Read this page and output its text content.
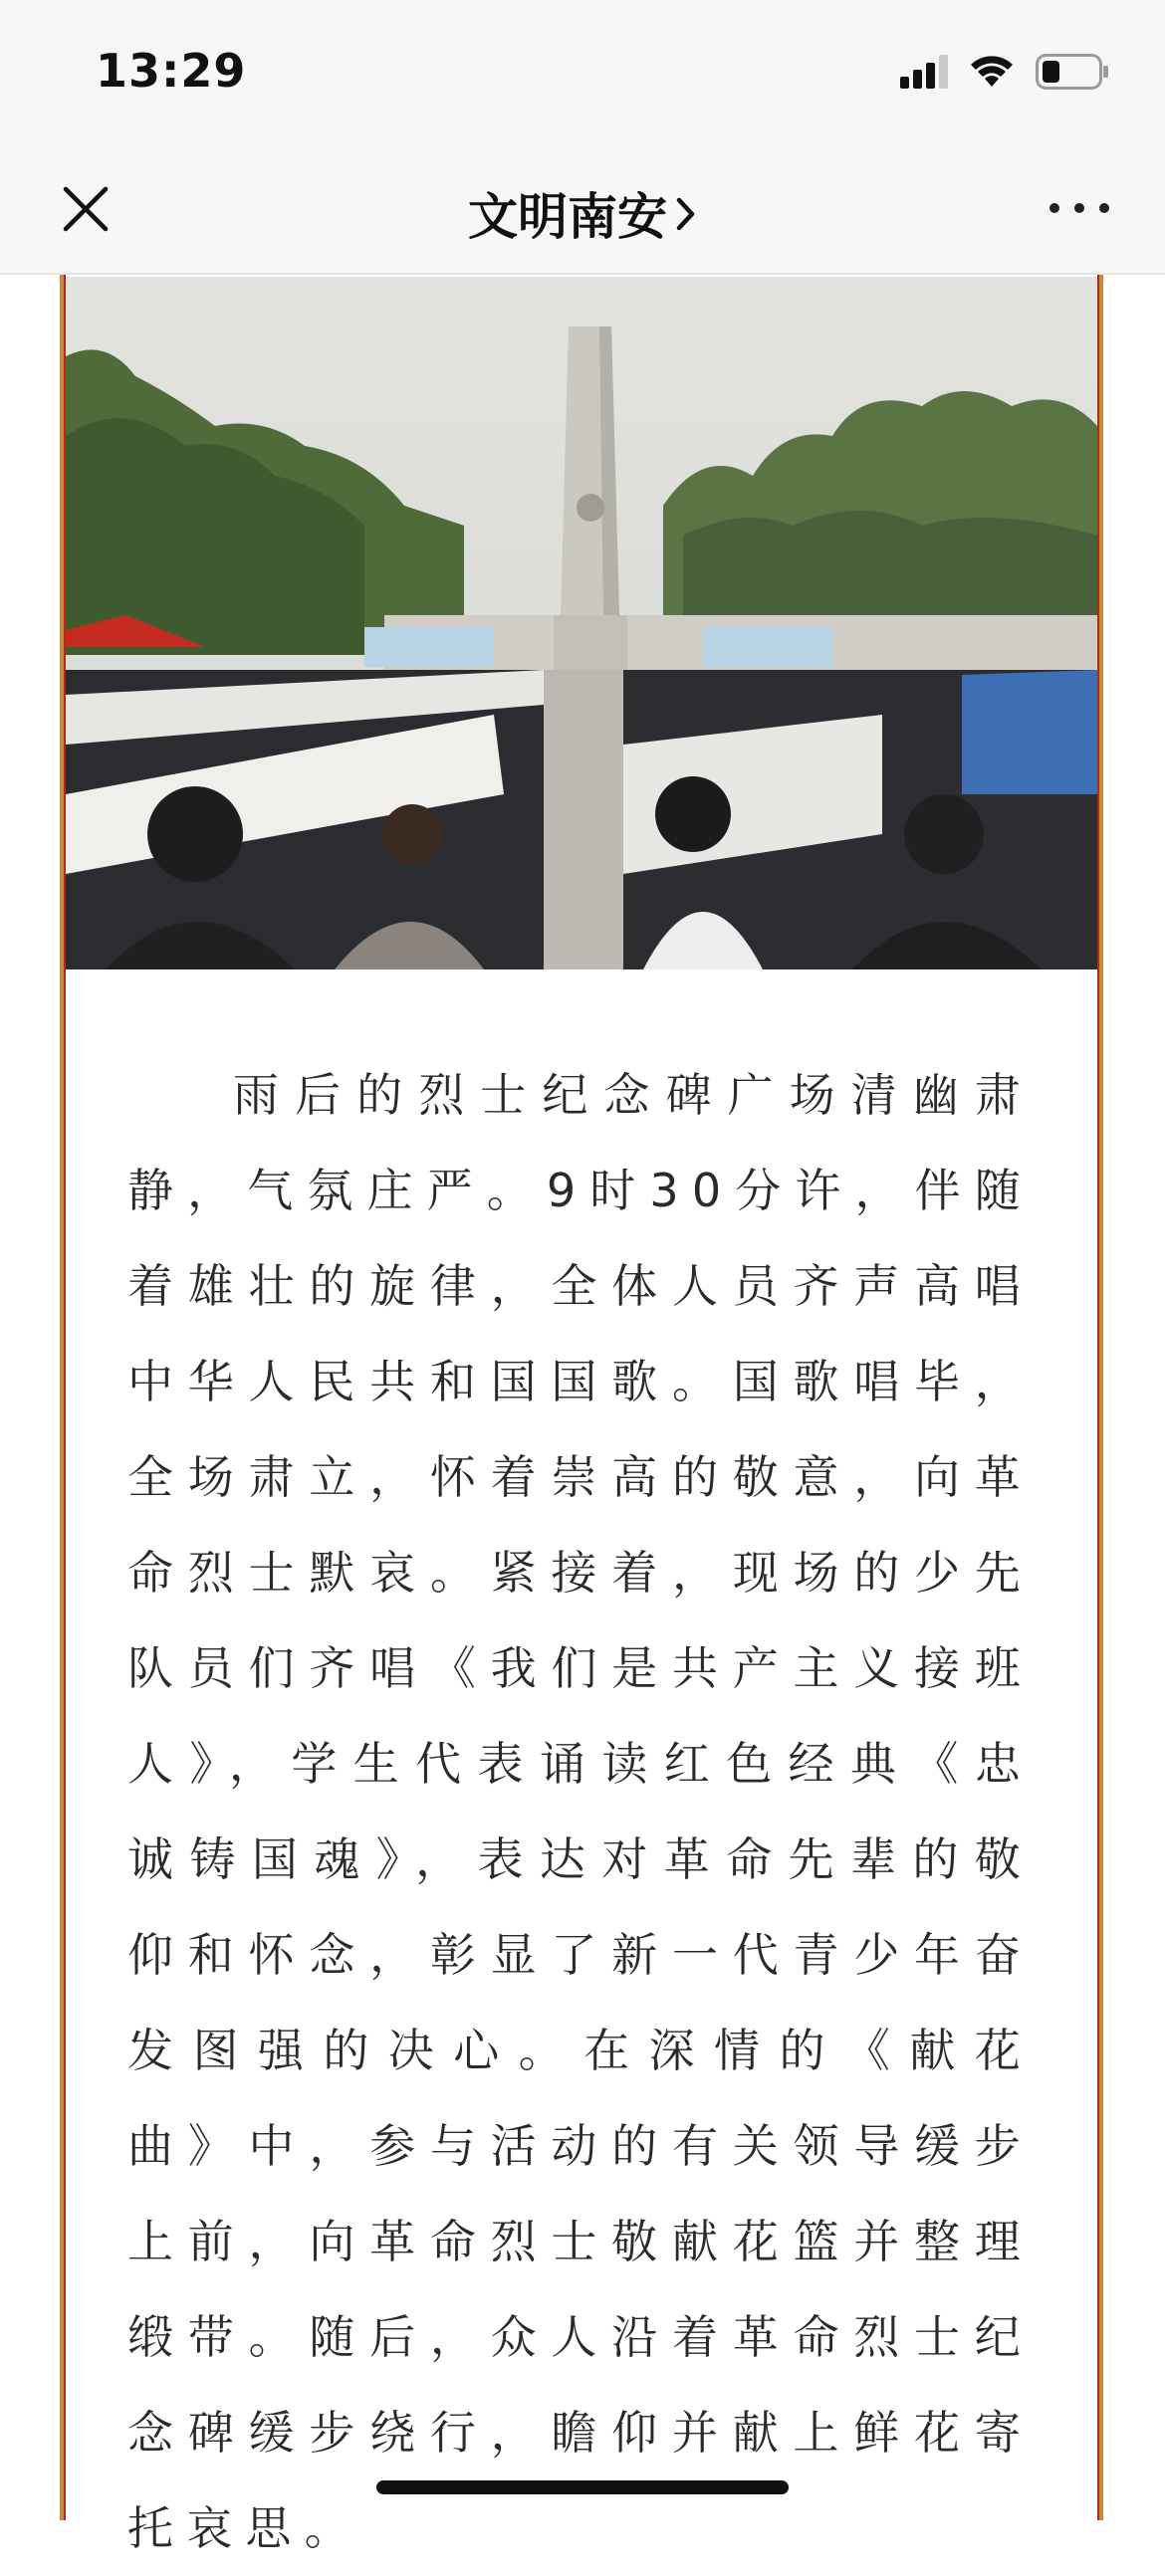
13:29
文明南安
雨后的烈士纪念碑广场清幽肃静，气氛庄严。9时30分许，伴随着雄壮的旋律，全体人员齐声高唱中华人民共和国国歌。国歌唱毕，全场肃立，怀着崇高的敬意，向革命烈士默哀。紧接着，现场的少先队员们齐唱《我们是共产主义接班人》，学生代表诵读红色经典《忠诚铸国魂》，表达对革命先辈的敬仰和怀念，彰显了新一代青少年奋发图强的决心。在深情的《献花曲》中，参与活动的有关领导缓步上前，向革命烈士敬献花篮并整理缎带。随后，众人沿着革命烈士纪念碑缓步绕行，瞻仰并献上鲜花寄托哀思。
